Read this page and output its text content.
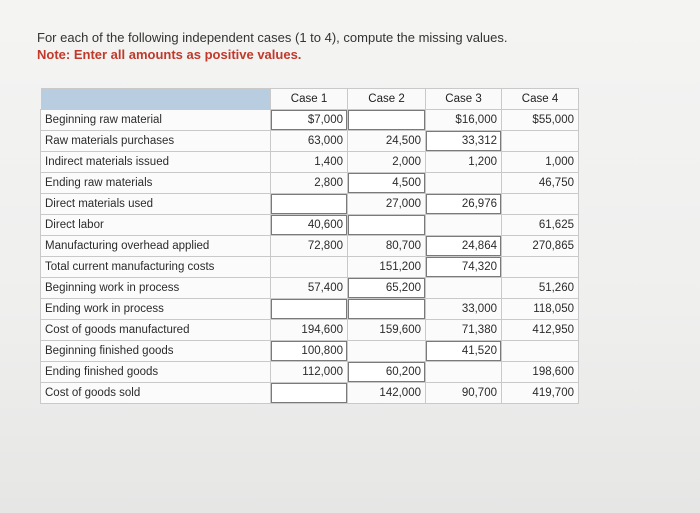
For each of the following independent cases (1 to 4), compute the missing values.
Note: Enter all amounts as positive values.
	Case 1	Case 2	Case 3	Case 4
Beginning raw material	$7,000		$16,000	$55,000
Raw materials purchases	63,000	24,500	33,312	
Indirect materials issued	1,400	2,000	1,200	1,000
Ending raw materials	2,800	4,500		46,750
Direct materials used		27,000	26,976	
Direct labor	40,600			61,625
Manufacturing overhead applied	72,800	80,700	24,864	270,865
Total current manufacturing costs		151,200	74,320	
Beginning work in process	57,400	65,200		51,260
Ending work in process			33,000	118,050
Cost of goods manufactured	194,600	159,600	71,380	412,950
Beginning finished goods	100,800		41,520	
Ending finished goods	112,000	60,200		198,600
Cost of goods sold		142,000	90,700	419,700
